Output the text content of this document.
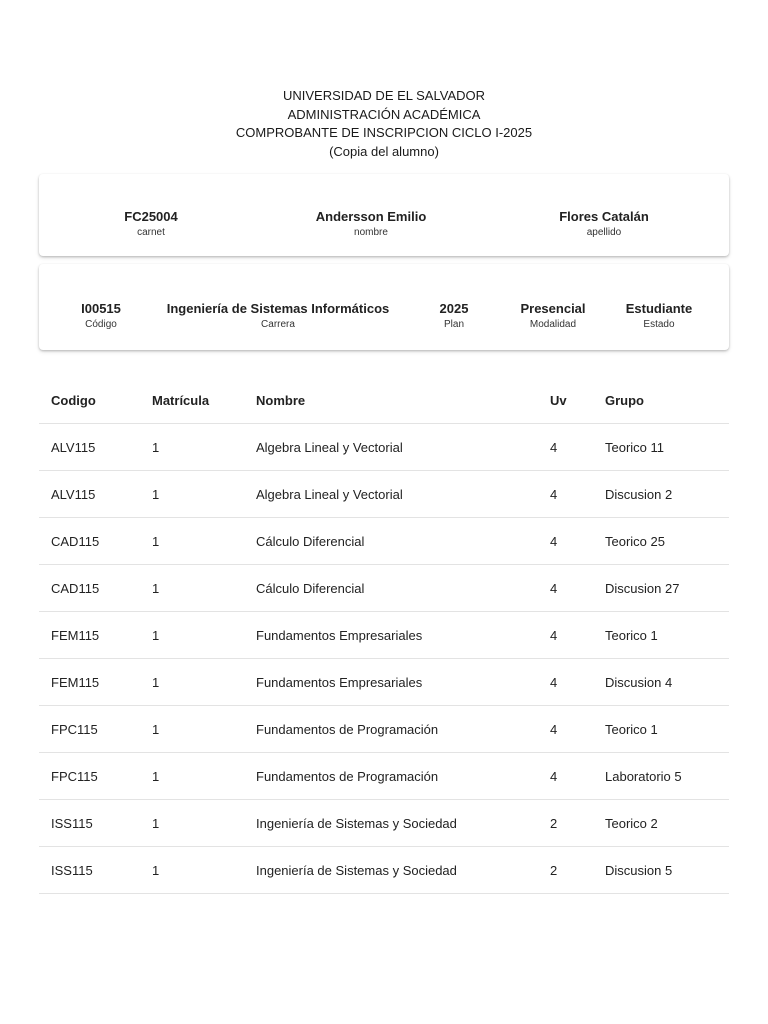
UNIVERSIDAD DE EL SALVADOR
ADMINISTRACIÓN ACADÉMICA
COMPROBANTE DE INSCRIPCION CICLO I-2025
(Copia del alumno)
FC25004
carnet
Andersson Emilio
nombre
Flores Catalán
apellido
I00515
Código
Ingeniería de Sistemas Informáticos
Carrera
2025
Plan
Presencial
Modalidad
Estudiante
Estado
Codigo	Matrícula	Nombre	Uv	Grupo
ALV115	1	Algebra Lineal y Vectorial	4	Teorico 11
ALV115	1	Algebra Lineal y Vectorial	4	Discusion 2
CAD115	1	Cálculo Diferencial	4	Teorico 25
CAD115	1	Cálculo Diferencial	4	Discusion 27
FEM115	1	Fundamentos Empresariales	4	Teorico 1
FEM115	1	Fundamentos Empresariales	4	Discusion 4
FPC115	1	Fundamentos de Programación	4	Teorico 1
FPC115	1	Fundamentos de Programación	4	Laboratorio 5
ISS115	1	Ingeniería de Sistemas y Sociedad	2	Teorico 2
ISS115	1	Ingeniería de Sistemas y Sociedad	2	Discusion 5
